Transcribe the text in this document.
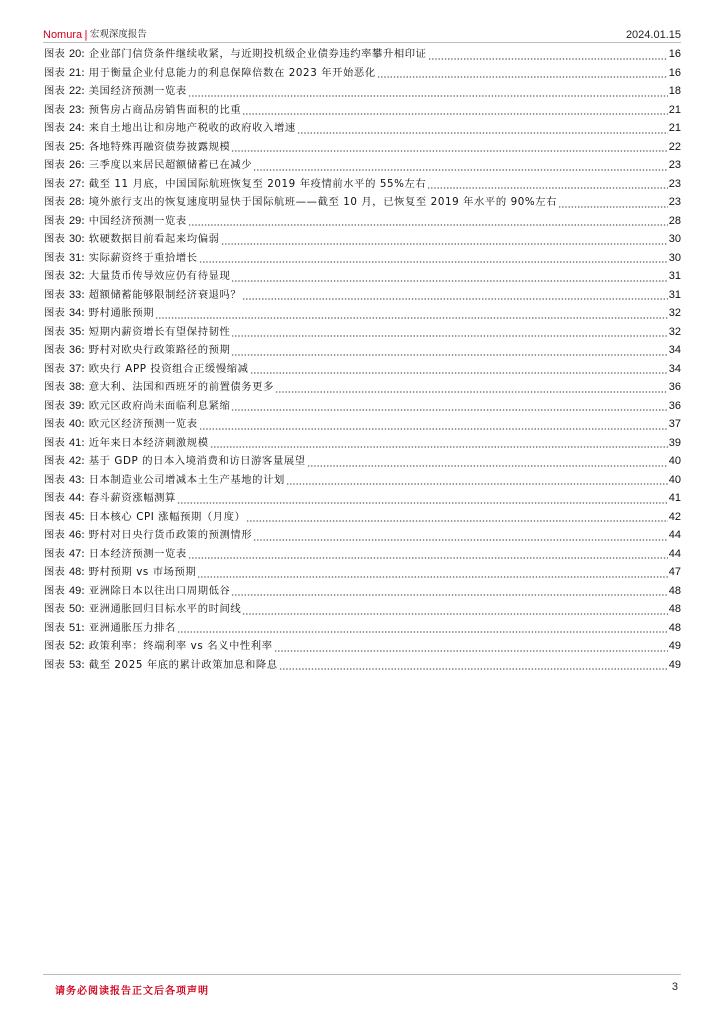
Nomura | 宏观深度报告	2024.01.15
图表 20 : 企业部门信贷条件继续收紧，与近期投机级企业债券违约率攀升相印证	16
图表 21 : 用于衡量企业付息能力的利息保障倍数在 2023 年开始恶化	16
图表 22 : 美国经济预测一览表	18
图表 23 : 预售房占商品房销售面积的比重	21
图表 24 : 来自土地出让和房地产税收的政府收入增速	21
图表 25 : 各地特殊再融资债券披露规模	22
图表 26 : 三季度以来居民超额储蓄已在减少	23
图表 27 : 截至 11 月底，中国国际航班恢复至 2019 年疫情前水平的 55%左右	23
图表 28 : 境外旅行支出的恢复速度明显快于国际航班——截至 10 月，已恢复至 2019 年水平的 90%左右	23
图表 29 : 中国经济预测一览表	28
图表 30 : 软硬数据目前看起来均偏弱	30
图表 31 : 实际薪资终于重拾增长	30
图表 32 : 大量货币传导效应仍有待显现	31
图表 33 : 超额储蓄能够限制经济衰退吗？	31
图表 34 : 野村通胀预期	32
图表 35 : 短期内薪资增长有望保持韧性	32
图表 36 : 野村对欧央行政策路径的预期	34
图表 37 : 欧央行 APP 投资组合正缓慢缩减	34
图表 38 : 意大利、法国和西班牙的前置债务更多	36
图表 39 : 欧元区政府尚未面临利息紧缩	36
图表 40 : 欧元区经济预测一览表	37
图表 41 : 近年来日本经济刺激规模	39
图表 42 : 基于 GDP 的日本入境消费和访日游客量展望	40
图表 43 : 日本制造业公司增减本土生产基地的计划	40
图表 44 : 春斗薪资涨幅测算	41
图表 45 : 日本核心 CPI 涨幅预期（月度）	42
图表 46 : 野村对日央行货币政策的预测情形	44
图表 47 : 日本经济预测一览表	44
图表 48 : 野村预期 vs 市场预期	47
图表 49 : 亚洲除日本以往出口周期低谷	48
图表 50 : 亚洲通胀回归目标水平的时间线	48
图表 51 : 亚洲通胀压力排名	48
图表 52 : 政策利率：终端利率 vs 名义中性利率	49
图表 53 : 截至 2025 年底的累计政策加息和降息	49
请务必阅读报告正文后各项声明	3
